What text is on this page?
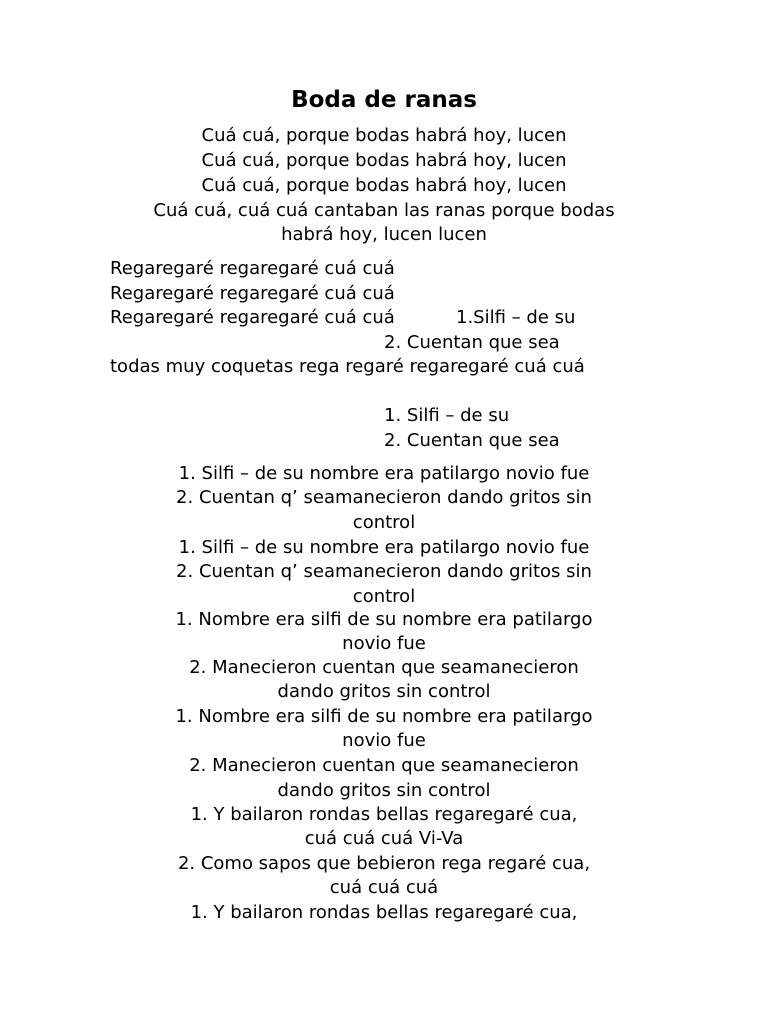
Boda de ranas
Cuá cuá, porque bodas habrá hoy, lucen
Cuá cuá, porque bodas habrá hoy, lucen
Cuá cuá, porque bodas habrá hoy, lucen
Cuá cuá, cuá cuá cantaban las ranas porque bodas
habrá hoy, lucen lucen
Regaregaré regaregaré cuá cuá
Regaregaré regaregaré cuá cuá
Regaregaré regaregaré cuá cuá	1.Silfi – de su
2. Cuentan que sea
todas muy coquetas rega regaré regaregaré cuá cuá
1. Silfi – de su
2. Cuentan que sea
1. Silfi – de su nombre era patilargo novio fue
2. Cuentan q’ seamanecieron dando gritos sin
control
1. Silfi – de su nombre era patilargo novio fue
2. Cuentan q’ seamanecieron dando gritos sin
control
1. Nombre era silfi de su nombre era patilargo
novio fue
2. Manecieron cuentan que seamanecieron
dando gritos sin control
1. Nombre era silfi de su nombre era patilargo
novio fue
2. Manecieron cuentan que seamanecieron
dando gritos sin control
1. Y bailaron rondas bellas regaregaré cua,
cuá cuá cuá Vi-Va
2. Como sapos que bebieron rega regaré cua,
cuá cuá cuá
1. Y bailaron rondas bellas regaregaré cua,
